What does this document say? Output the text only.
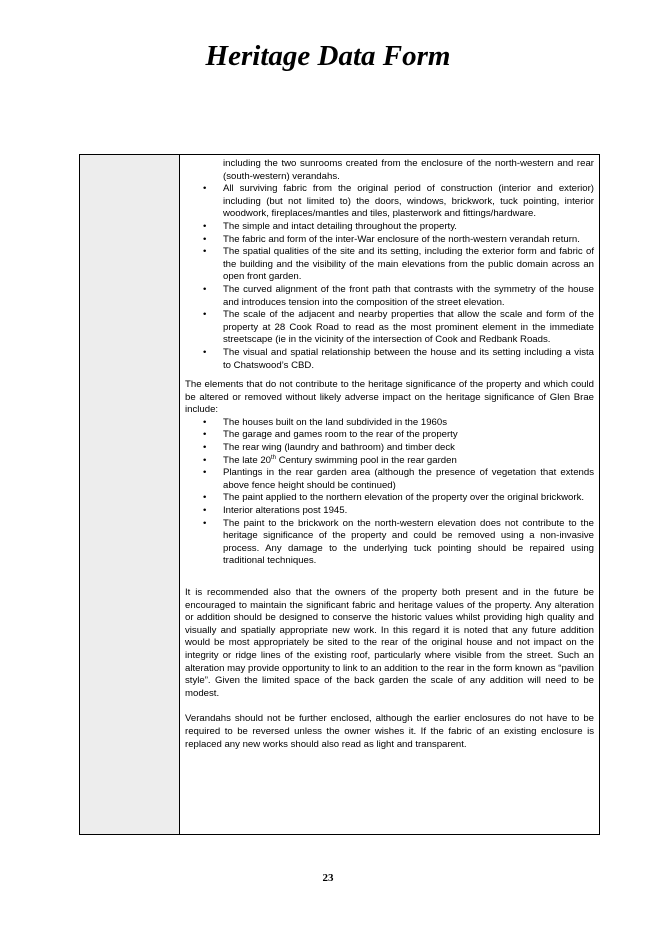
Heritage Data Form
including the two sunrooms created from the enclosure of the north-western and rear (south-western) verandahs.
• All surviving fabric from the original period of construction (interior and exterior) including (but not limited to) the doors, windows, brickwork, tuck pointing, interior woodwork, fireplaces/mantles and tiles, plasterwork and fittings/hardware.
• The simple and intact detailing throughout the property.
• The fabric and form of the inter-War enclosure of the north-western verandah return.
• The spatial qualities of the site and its setting, including the exterior form and fabric of the building and the visibility of the main elevations from the public domain across an open front garden.
• The curved alignment of the front path that contrasts with the symmetry of the house and introduces tension into the composition of the street elevation.
• The scale of the adjacent and nearby properties that allow the scale and form of the property at 28 Cook Road to read as the most prominent element in the immediate streetscape (ie in the vicinity of the intersection of Cook and Redbank Roads.
• The visual and spatial relationship between the house and its setting including a vista to Chatswood’s CBD.

The elements that do not contribute to the heritage significance of the property and which could be altered or removed without likely adverse impact on the heritage significance of Glen Brae include:

• The houses built on the land subdivided in the 1960s
• The garage and games room to the rear of the property
• The rear wing (laundry and bathroom) and timber deck
• The late 20th Century swimming pool in the rear garden
• Plantings in the rear garden area (although the presence of vegetation that extends above fence height should be continued)
• The paint applied to the northern elevation of the property over the original brickwork.
• Interior alterations post 1945.
• The paint to the brickwork on the north-western elevation does not contribute to the heritage significance of the property and could be removed using a non-invasive process. Any damage to the underlying tuck pointing should be repaired using traditional techniques.

It is recommended also that the owners of the property both present and in the future be encouraged to maintain the significant fabric and heritage values of the property. Any alteration or addition should be designed to conserve the historic values whilst providing high quality and visually and spatially appropriate new work. In this regard it is noted that any future addition would be most appropriately be sited to the rear of the original house and not impact on the integrity or ridge lines of the existing roof, particularly where visible from the street. Such an alteration may provide opportunity to link to an addition to the rear in the form known as “pavilion style”. Given the limited space of the back garden the scale of any addition will need to be modest.

Verandahs should not be further enclosed, although the earlier enclosures do not have to be required to be reversed unless the owner wishes it. If the fabric of an existing enclosure is replaced any new works should also read as light and transparent.

23
